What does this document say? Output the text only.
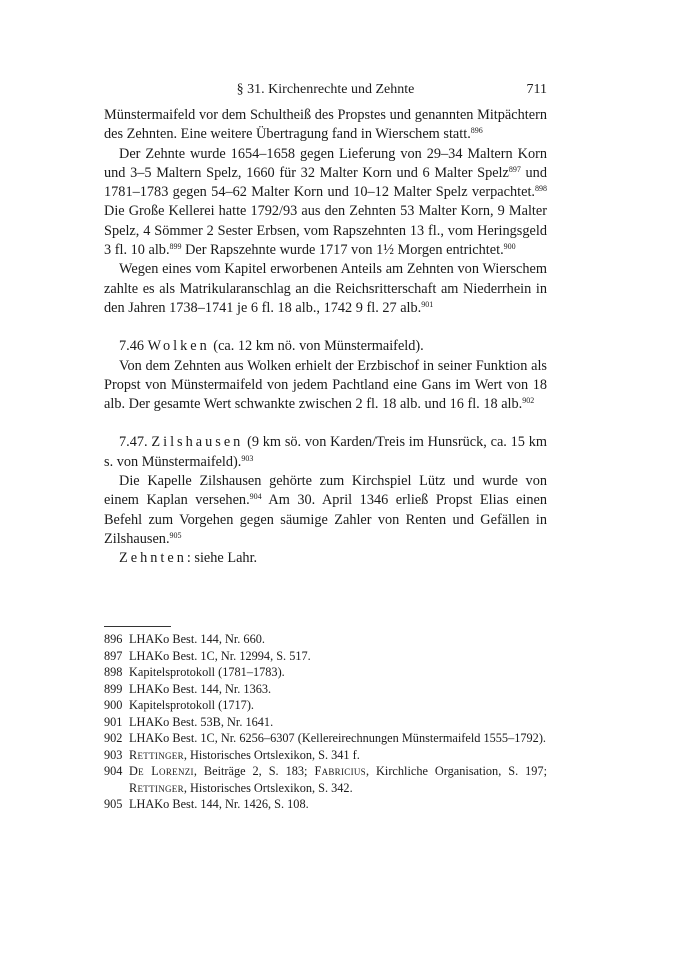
§ 31. Kirchenrechte und Zehnte	711

Münstermaifeld vor dem Schultheiß des Propstes und genannten Mitpächtern des Zehnten. Eine weitere Übertragung fand in Wierschem statt.$^{896}$

Der Zehnte wurde 1654–1658 gegen Lieferung von 29–34 Maltern Korn und 3–5 Maltern Spelz, 1660 für 32 Malter Korn und 6 Malter Spelz$^{897}$ und 1781–1783 gegen 54–62 Malter Korn und 10–12 Malter Spelz verpachtet.$^{898}$ Die Große Kellerei hatte 1792/93 aus den Zehnten 53 Malter Korn, 9 Malter Spelz, 4 Sömmer 2 Sester Erbsen, vom Rapszehnten 13 fl., vom Heringsgeld 3 fl. 10 alb.$^{899}$ Der Rapszehnte wurde 1717 von 1½ Morgen entrichtet.$^{900}$

Wegen eines vom Kapitel erworbenen Anteils am Zehnten von Wierschem zahlte es als Matrikularanschlag an die Reichsritterschaft am Niederrhein in den Jahren 1738–1741 je 6 fl. 18 alb., 1742 9 fl. 27 alb.$^{901}$

7.46 Wolken (ca. 12 km nö. von Münstermaifeld).

Von dem Zehnten aus Wolken erhielt der Erzbischof in seiner Funktion als Propst von Münstermaifeld von jedem Pachtland eine Gans im Wert von 18 alb. Der gesamte Wert schwankte zwischen 2 fl. 18 alb. und 16 fl. 18 alb.$^{902}$

7.47. Zilshausen (9 km sö. von Karden/Treis im Hunsrück, ca. 15 km s. von Münstermaifeld).$^{903}$

Die Kapelle Zilshausen gehörte zum Kirchspiel Lütz und wurde von einem Kaplan versehen.$^{904}$ Am 30. April 1346 erließ Propst Elias einen Befehl zum Vorgehen gegen säumige Zahler von Renten und Gefällen in Zilshausen.$^{905}$

Zehnten: siehe Lahr.

896 LHAKo Best. 144, Nr. 660.
897 LHAKo Best. 1C, Nr. 12994, S. 517.
898 Kapitelsprotokoll (1781–1783).
899 LHAKo Best. 144, Nr. 1363.
900 Kapitelsprotokoll (1717).
901 LHAKo Best. 53B, Nr. 1641.
902 LHAKo Best. 1C, Nr. 6256–6307 (Kellereirechnungen Münstermaifeld 1555–1792).
903 Rettinger, Historisches Ortslexikon, S. 341 f.
904 De Lorenzi, Beiträge 2, S. 183; Fabricius, Kirchliche Organisation, S. 197; Rettinger, Historisches Ortslexikon, S. 342.
905 LHAKo Best. 144, Nr. 1426, S. 108.
